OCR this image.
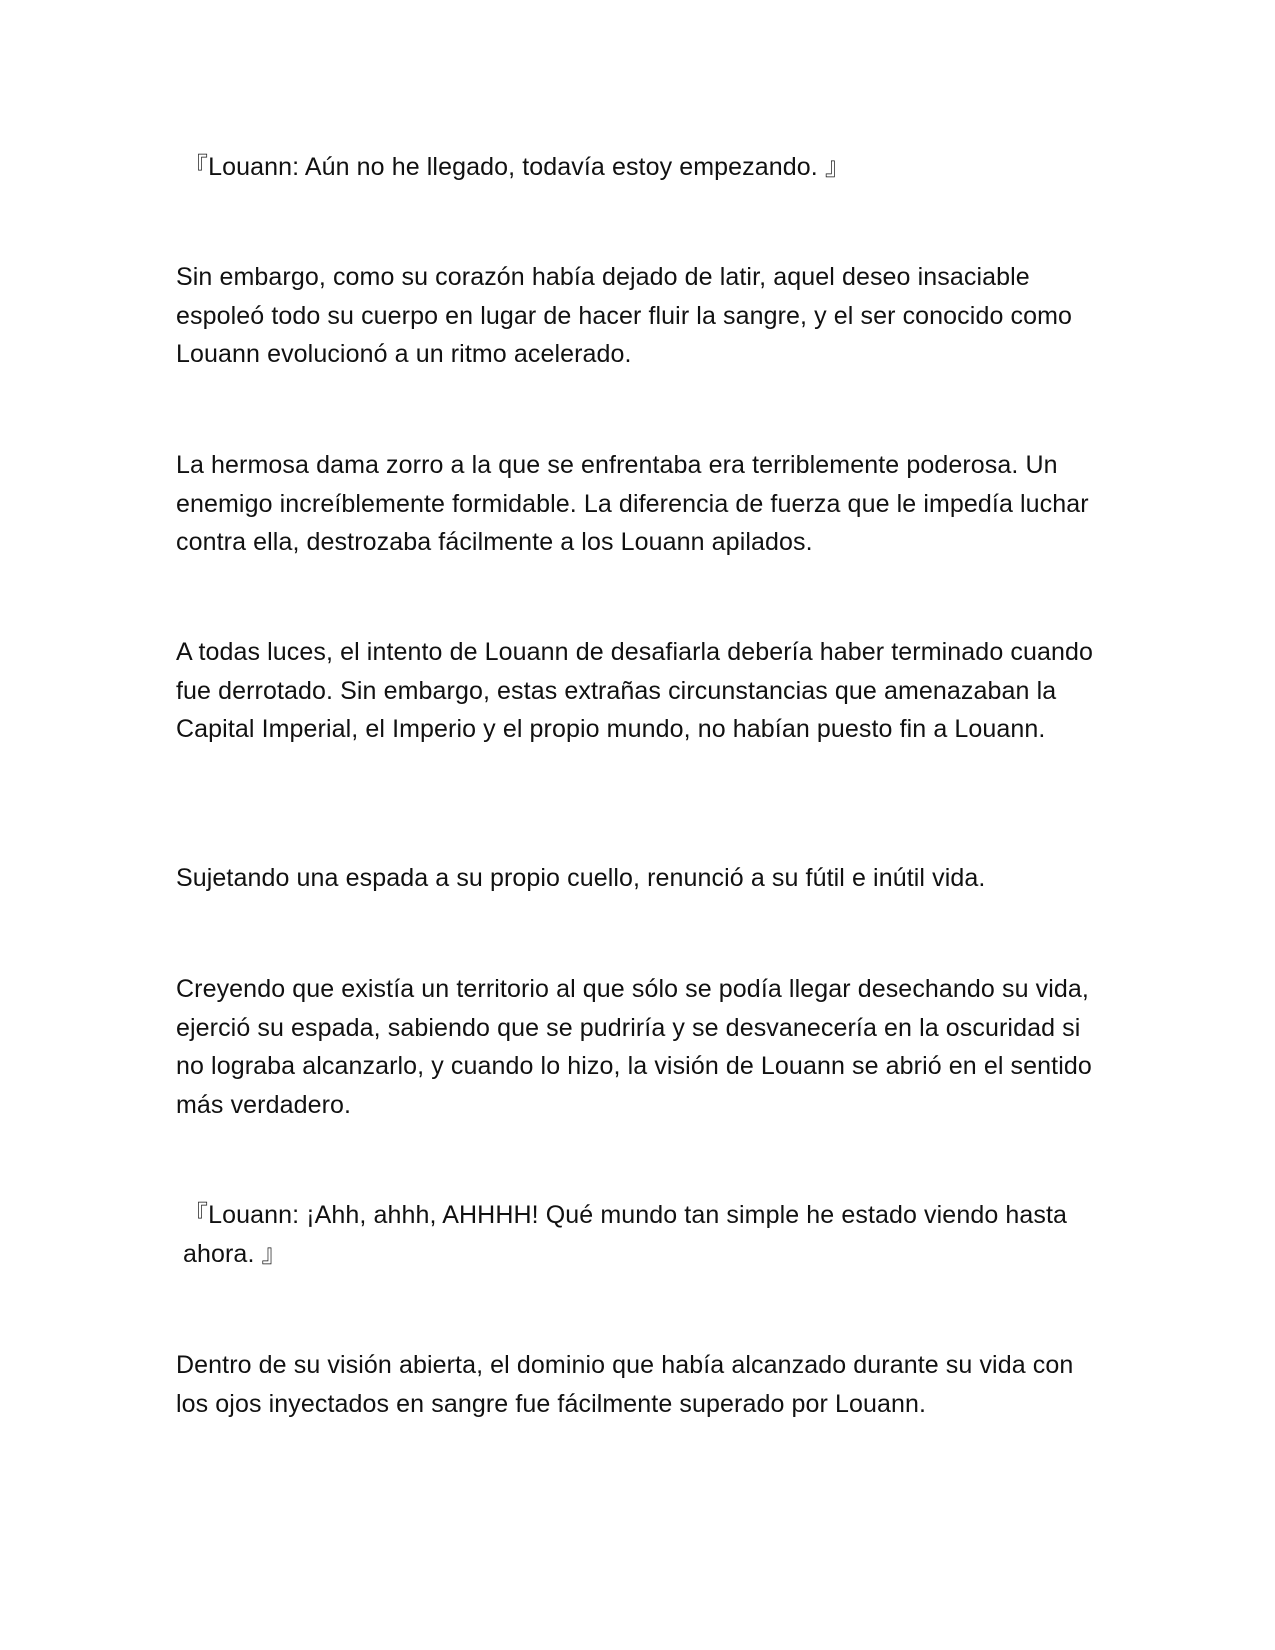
『Louann: Aún no he llegado, todavía estoy empezando. 』

Sin embargo, como su corazón había dejado de latir, aquel deseo insaciable espoleó todo su cuerpo en lugar de hacer fluir la sangre, y el ser conocido como Louann evolucionó a un ritmo acelerado.

La hermosa dama zorro a la que se enfrentaba era terriblemente poderosa. Un enemigo increíblemente formidable. La diferencia de fuerza que le impedía luchar contra ella, destrozaba fácilmente a los Louann apilados.

A todas luces, el intento de Louann de desafiarla debería haber terminado cuando fue derrotado. Sin embargo, estas extrañas circunstancias que amenazaban la Capital Imperial, el Imperio y el propio mundo, no habían puesto fin a Louann.

Sujetando una espada a su propio cuello, renunció a su fútil e inútil vida.

Creyendo que existía un territorio al que sólo se podía llegar desechando su vida, ejerció su espada, sabiendo que se pudriría y se desvanecería en la oscuridad si no lograba alcanzarlo, y cuando lo hizo, la visión de Louann se abrió en el sentido más verdadero.

『Louann: ¡Ahh, ahhh, AHHHH! Qué mundo tan simple he estado viendo hasta ahora. 』

Dentro de su visión abierta, el dominio que había alcanzado durante su vida con los ojos inyectados en sangre fue fácilmente superado por Louann.
